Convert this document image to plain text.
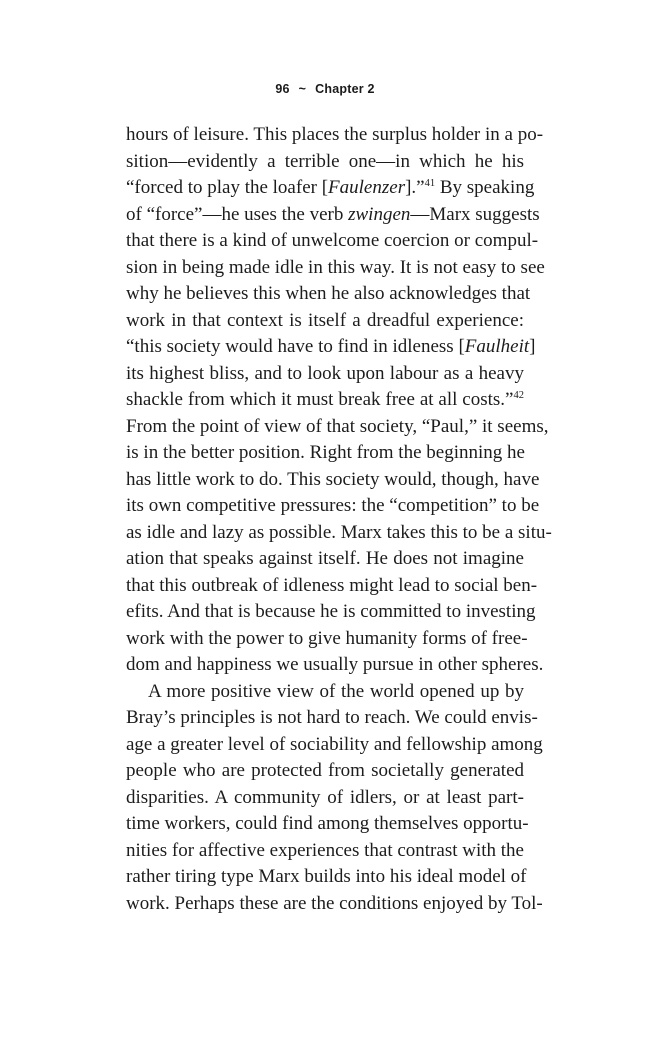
96 ~ Chapter 2
hours of leisure. This places the surplus holder in a po-
sition—evidently a terrible one—in which he his
“forced to play the loafer [Faulenzer].”$^{41}$ By speaking
of “force”—he uses the verb zwingen—Marx suggests
that there is a kind of unwelcome coercion or compul-
sion in being made idle in this way. It is not easy to see
why he believes this when he also acknowledges that
work in that context is itself a dreadful experience:
“this society would have to find in idleness [Faulheit]
its highest bliss, and to look upon labour as a heavy
shackle from which it must break free at all costs.”$^{42}$
From the point of view of that society, “Paul,” it seems,
is in the better position. Right from the beginning he
has little work to do. This society would, though, have
its own competitive pressures: the “competition” to be
as idle and lazy as possible. Marx takes this to be a situ-
ation that speaks against itself. He does not imagine
that this outbreak of idleness might lead to social ben-
efits. And that is because he is committed to investing
work with the power to give humanity forms of free-
dom and happiness we usually pursue in other spheres.
A more positive view of the world opened up by
Bray’s principles is not hard to reach. We could envis-
age a greater level of sociability and fellowship among
people who are protected from societally generated
disparities. A community of idlers, or at least part-
time workers, could find among themselves opportu-
nities for affective experiences that contrast with the
rather tiring type Marx builds into his ideal model of
work. Perhaps these are the conditions enjoyed by Tol-
